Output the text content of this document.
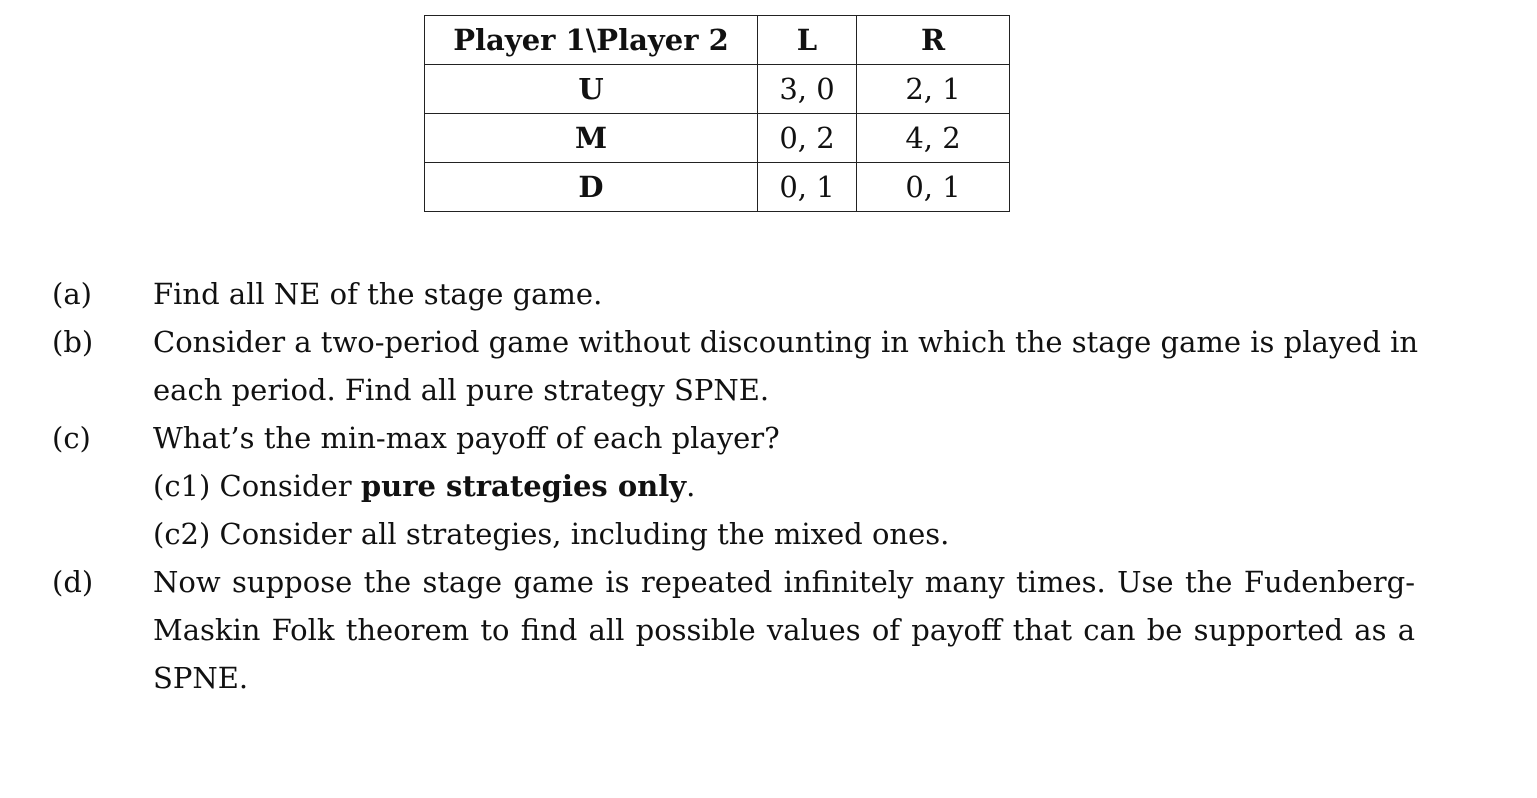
Player 1\Player 2	L	R
U	3, 0	2, 1
M	0, 2	4, 2
D	0, 1	0, 1
(a) Find all NE of the stage game.
(b) Consider a two-period game without discounting in which the stage game is played in
each period. Find all pure strategy SPNE.
(c) What’s the min-max payoff of each player?
(c1) Consider pure strategies only.
(c2) Consider all strategies, including the mixed ones.
(d) Now suppose the stage game is repeated infinitely many times. Use the Fudenberg-
Maskin Folk theorem to find all possible values of payoff that can be supported as a
SPNE.
